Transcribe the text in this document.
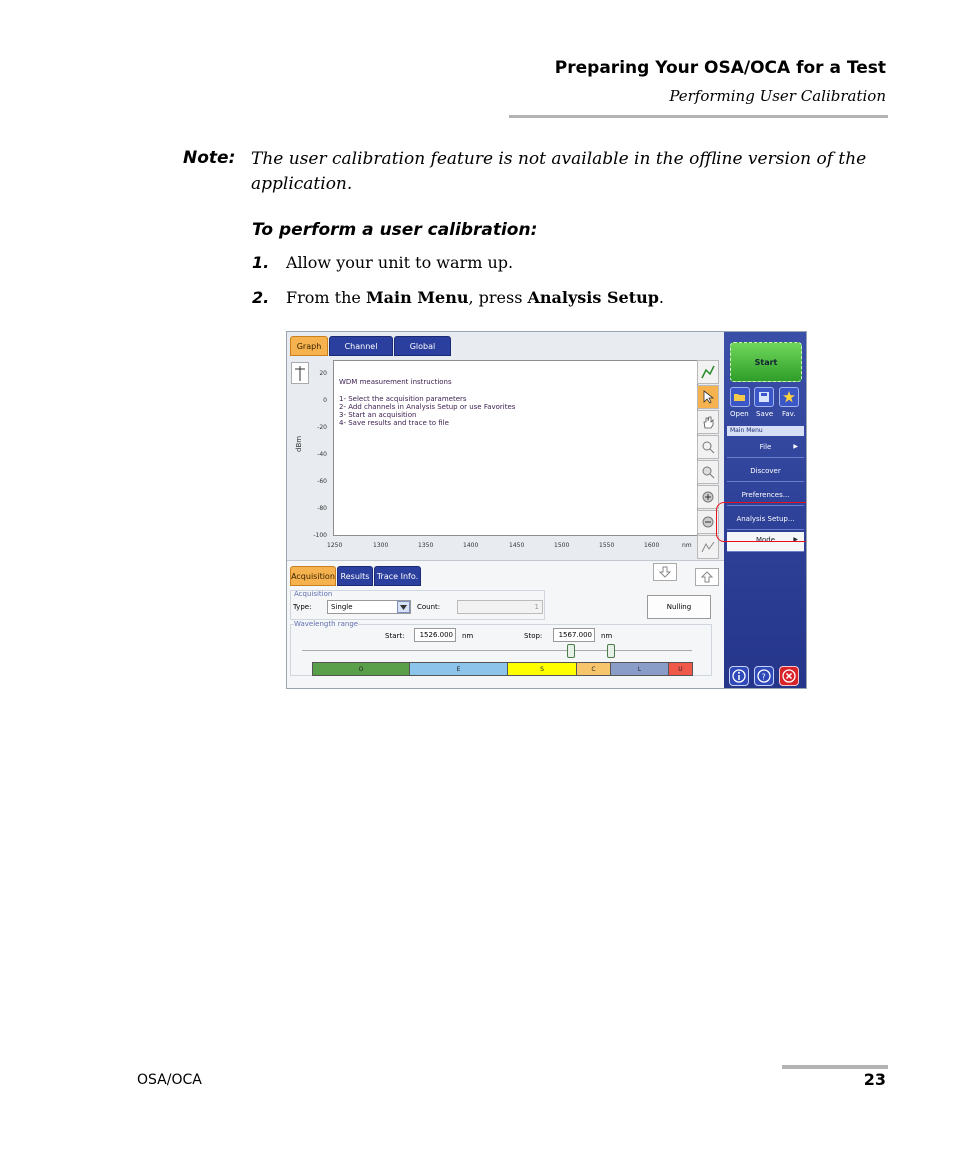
Preparing Your OSA/OCA for a Test
Performing User Calibration
Note: The user calibration feature is not available in the offline version of the application.
To perform a user calibration:
1. Allow your unit to warm up.
2. From the Main Menu, press Analysis Setup.
Graph	Channel	Global
dBm
20
0
-20
-40
-60
-80
-100
WDM measurement instructions
1- Select the acquisition parameters
2- Add channels in Analysis Setup or use Favorites
3- Start an acquisition
4- Save results and trace to file
1250	1300	1350	1400	1450	1500	1550	1600	nm
Acquisition Results Trace Info.
Acquisition
Type:	Single	Count:	1	Nulling
Wavelength range
Start:	1526.000	nm	Stop:	1567.000	nm
O	E	S	C	L	U
Start
Open Save Fav.
Main Menu
File	▶
Discover
Preferences...
Analysis Setup...
Mode	▶
?
OSA/OCA	23
